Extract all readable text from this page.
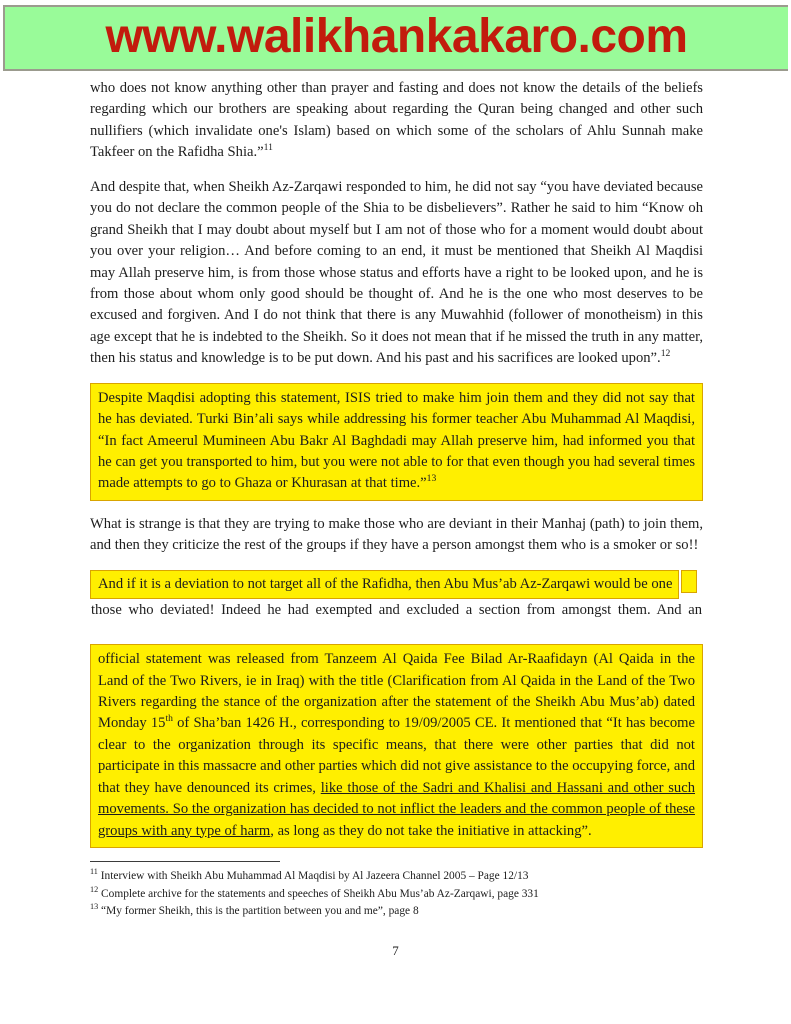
www.walikhankakaro.com

who does not know anything other than prayer and fasting and does not know the details of the beliefs regarding which our brothers are speaking about regarding the Quran being changed and other such nullifiers (which invalidate one's Islam) based on which some of the scholars of Ahlu Sunnah make Takfeer on the Rafidha Shia.”$^{11}$

And despite that, when Sheikh Az-Zarqawi responded to him, he did not say “you have deviated because you do not declare the common people of the Shia to be disbelievers”. Rather he said to him “Know oh grand Sheikh that I may doubt about myself but I am not of those who for a moment would doubt about you over your religion… And before coming to an end, it must be mentioned that Sheikh Al Maqdisi may Allah preserve him, is from those whose status and efforts have a right to be looked upon, and he is from those about whom only good should be thought of. And he is the one who most deserves to be excused and forgiven. And I do not think that there is any Muwahhid (follower of monotheism) in this age except that he is indebted to the Sheikh. So it does not mean that if he missed the truth in any matter, then his status and knowledge is to be put down. And his past and his sacrifices are looked upon”.$^{12}$

Despite Maqdisi adopting this statement, ISIS tried to make him join them and they did not say that he has deviated. Turki Bin’ali says while addressing his former teacher Abu Muhammad Al Maqdisi, “In fact Ameerul Mumineen Abu Bakr Al Baghdadi may Allah preserve him, had informed you that he can get you transported to him, but you were not able to for that even though you had several times made attempts to go to Ghaza or Khurasan at that time.”$^{13}$

What is strange is that they are trying to make those who are deviant in their Manhaj (path) to join them, and then they criticize the rest of the groups if they have a person amongst them who is a smoker or so!!

And if it is a deviation to not target all of the Rafidha, then Abu Mus’ab Az-Zarqawi would be one
those who deviated! Indeed he had exempted and excluded a section from amongst them. And an

official statement was released from Tanzeem Al Qaida Fee Bilad Ar-Raafidayn (Al Qaida in the Land of the Two Rivers, ie in Iraq) with the title (Clarification from Al Qaida in the Land of the Two Rivers regarding the stance of the organization after the statement of the Sheikh Abu Mus’ab) dated Monday 15th of Sha’ban 1426 H., corresponding to 19/09/2005 CE. It mentioned that “It has become clear to the organization through its specific means, that there were other parties that did not participate in this massacre and other parties which did not give assistance to the occupying force, and that they have denounced its crimes, like those of the Sadri and Khalisi and Hassani and other such movements. So the organization has decided to not inflict the leaders and the common people of these groups with any type of harm, as long as they do not take the initiative in attacking”.

$^{11}$ Interview with Sheikh Abu Muhammad Al Maqdisi by Al Jazeera Channel 2005 – Page 12/13

$^{12}$ Complete archive for the statements and speeches of Sheikh Abu Mus’ab Az-Zarqawi, page 331

$^{13}$ “My former Sheikh, this is the partition between you and me”, page 8

7
